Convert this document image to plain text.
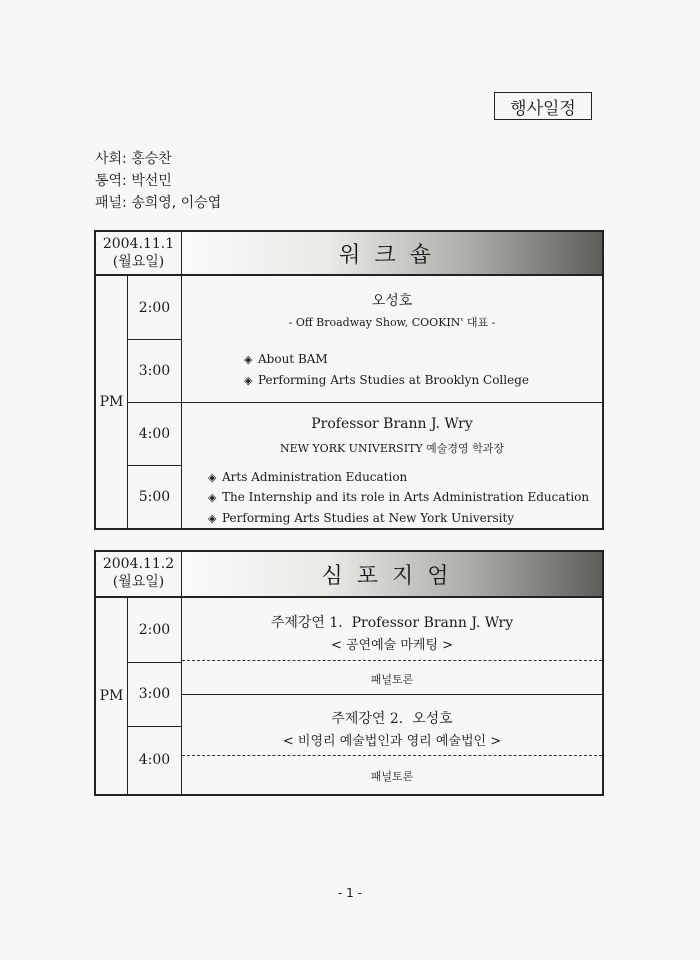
행사일정
사회: 홍승찬
통역: 박선민
패널: 송희영, 이승엽
2004.11.1
(월요일)	워크숍
PM
2:00
3:00
4:00
5:00
오성호
- Off Broadway Show, COOKIN' 대표 -
◈ About BAM
◈ Performing Arts Studies at Brooklyn College
Professor Brann J. Wry
NEW YORK UNIVERSITY 예술경영 학과장
◈ Arts Administration Education
◈ The Internship and its role in Arts Administration Education
◈ Performing Arts Studies at New York University
2004.11.2
(월요일)	심포지엄
PM
2:00
3:00
4:00
주제강연 1.  Professor Brann J. Wry
< 공연예술 마케팅 >
패널토론
주제강연 2.  오성호
< 비영리 예술법인과 영리 예술법인 >
패널토론
- 1 -
